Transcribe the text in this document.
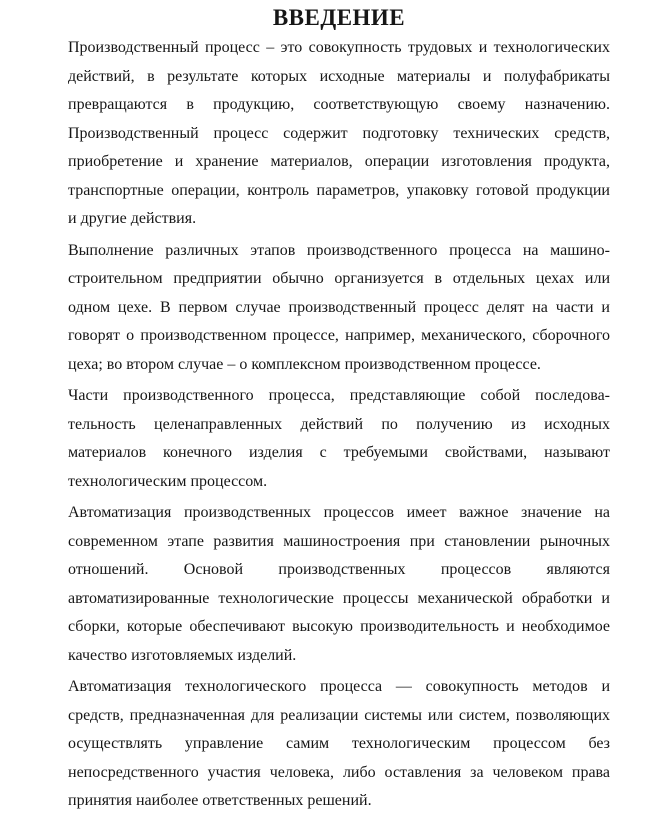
ВВЕДЕНИЕ
Производственный процесс – это совокупность трудовых и технологических
действий, в результате которых исходные материалы и полуфабрикаты
превращаются в продукцию, соответствующую своему назначению.
Производственный процесс содержит подготовку технических средств,
приобретение и хранение материалов, операции изготовления продукта,
транспортные операции, контроль параметров, упаковку готовой продукции
и другие действия.
Выполнение различных этапов производственного процесса на машино-
строительном предприятии обычно организуется в отдельных цехах или
одном цехе. В первом случае производственный процесс делят на части и
говорят о производственном процессе, например, механического, сборочного
цеха; во втором случае – о комплексном производственном процессе.
Части производственного процесса, представляющие собой последова-
тельность целенаправленных действий по получению из исходных
материалов конечного изделия с требуемыми свойствами, называют
технологическим процессом.
Автоматизация производственных процессов имеет важное значение на
современном этапе развития машиностроения при становлении рыночных
отношений. Основой производственных процессов являются
автоматизированные технологические процессы механической обработки и
сборки, которые обеспечивают высокую производительность и необходимое
качество изготовляемых изделий.
Автоматизация технологического процесса — совокупность методов и
средств, предназначенная для реализации системы или систем, позволяющих
осуществлять управление самим технологическим процессом без
непосредственного участия человека, либо оставления за человеком права
принятия наиболее ответственных решений.
